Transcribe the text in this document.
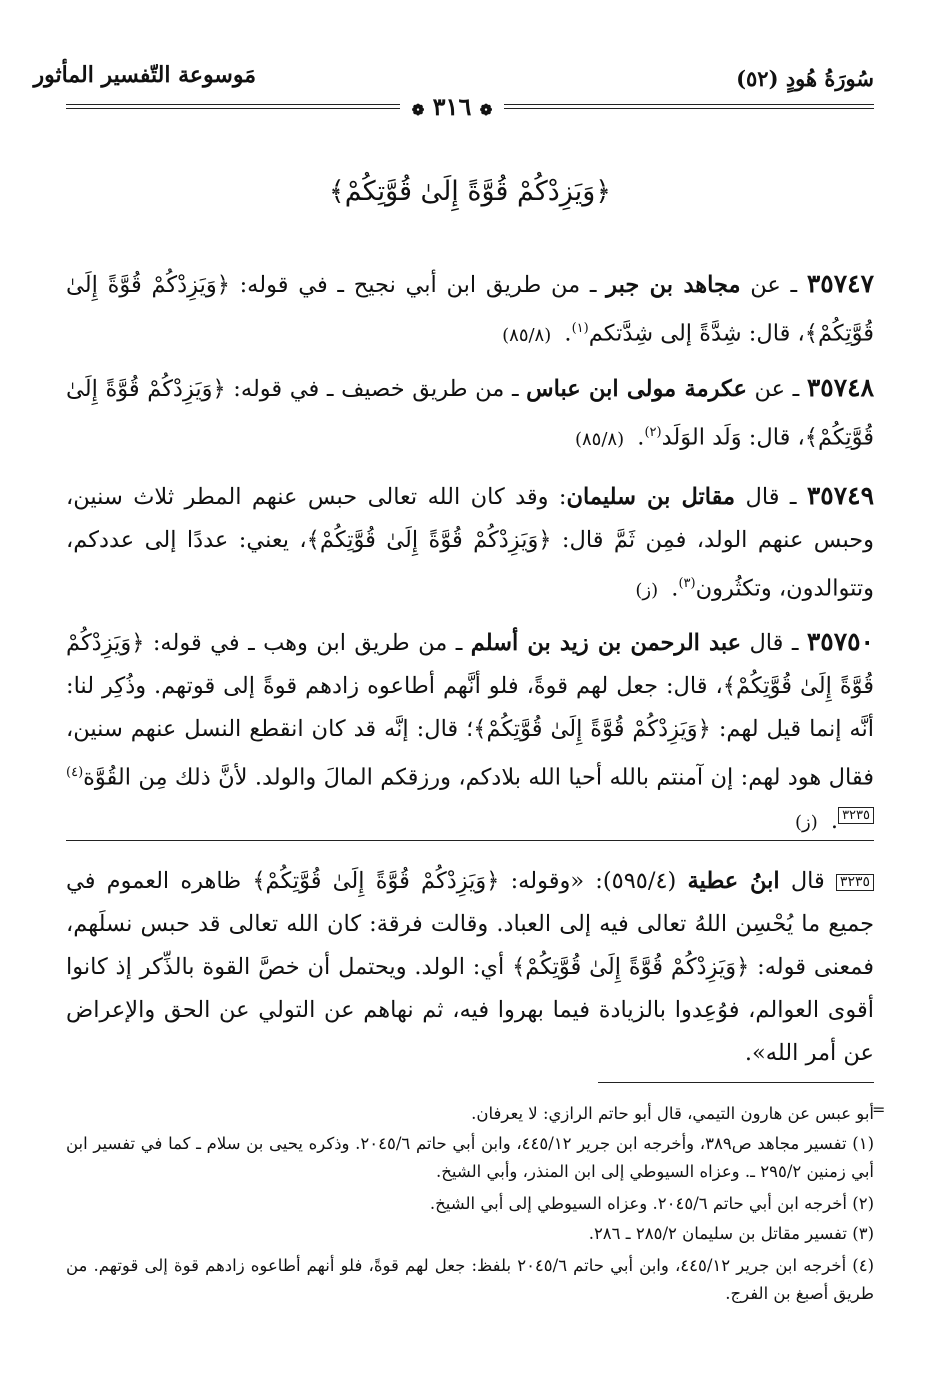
سُورَةُ هُودٍ (٥٢)
مَوسوعة التّفسير المأثور
❁ ٣١٦ ❁
﴿وَيَزِدْكُمْ قُوَّةً إِلَىٰ قُوَّتِكُمْ﴾
٣٥٧٤٧ ـ عن مجاهد بن جبر ـ من طريق ابن أبي نجيح ـ في قوله: ﴿وَيَزِدْكُمْ قُوَّةً إِلَىٰ قُوَّتِكُمْ﴾، قال: شِدَّةً إلى شِدَّتكم$^{(١)}$. (٨٥/٨)
٣٥٧٤٨ ـ عن عكرمة مولى ابن عباس ـ من طريق خصيف ـ في قوله: ﴿وَيَزِدْكُمْ قُوَّةً إِلَىٰ قُوَّتِكُمْ﴾، قال: وَلَد الوَلَد$^{(٢)}$. (٨٥/٨)
٣٥٧٤٩ ـ قال مقاتل بن سليمان: وقد كان الله تعالى حبس عنهم المطر ثلاث سنين، وحبس عنهم الولد، فمِن ثَمَّ قال: ﴿وَيَزِدْكُمْ قُوَّةً إِلَىٰ قُوَّتِكُمْ﴾، يعني: عددًا إلى عددكم، وتتوالدون، وتكثُرون$^{(٣)}$. (ز)
٣٥٧٥٠ ـ قال عبد الرحمن بن زيد بن أسلم ـ من طريق ابن وهب ـ في قوله: ﴿وَيَزِدْكُمْ قُوَّةً إِلَىٰ قُوَّتِكُمْ﴾، قال: جعل لهم قوةً، فلو أنَّهم أطاعوه زادهم قوةً إلى قوتهم. وذُكِر لنا: أنَّه إنما قيل لهم: ﴿وَيَزِدْكُمْ قُوَّةً إِلَىٰ قُوَّتِكُمْ﴾؛ قال: إنَّه قد كان انقطع النسل عنهم سنين، فقال هود لهم: إن آمنتم بالله أحيا الله بلادكم، ورزقكم المالَ والولد. لأنَّ ذلك مِن القُوَّة$^{(٤)}$٣٢٣٥. (ز)
٣٢٣٥ قال ابنُ عطية (٥٩٥/٤): «وقوله: ﴿وَيَزِدْكُمْ قُوَّةً إِلَىٰ قُوَّتِكُمْ﴾ ظاهره العموم في جميع ما يُحْسِن اللهُ تعالى فيه إلى العباد. وقالت فرقة: كان الله تعالى قد حبس نسلَهم، فمعنى قوله: ﴿وَيَزِدْكُمْ قُوَّةً إِلَىٰ قُوَّتِكُمْ﴾ أي: الولد. ويحتمل أن خصَّ القوة بالذِّكر إذ كانوا أقوى العوالم، فوُعِدوا بالزيادة فيما بهروا فيه، ثم نهاهم عن التولي عن الحق والإعراض عن أمر الله».
=
أبو عبس عن هارون التيمي، قال أبو حاتم الرازي: لا يعرفان.
(١) تفسير مجاهد ص٣٨٩، وأخرجه ابن جرير ٤٤٥/١٢، وابن أبي حاتم ٢٠٤٥/٦. وذكره يحيى بن سلام ـ كما في تفسير ابن أبي زمنين ٢٩٥/٢ ـ. وعزاه السيوطي إلى ابن المنذر، وأبي الشيخ.
(٢) أخرجه ابن أبي حاتم ٢٠٤٥/٦. وعزاه السيوطي إلى أبي الشيخ.
(٣) تفسير مقاتل بن سليمان ٢٨٥/٢ ـ ٢٨٦.
(٤) أخرجه ابن جرير ٤٤٥/١٢، وابن أبي حاتم ٢٠٤٥/٦ بلفظ: جعل لهم قوةً، فلو أنهم أطاعوه زادهم قوة إلى قوتهم. من طريق أصبغ بن الفرج.
